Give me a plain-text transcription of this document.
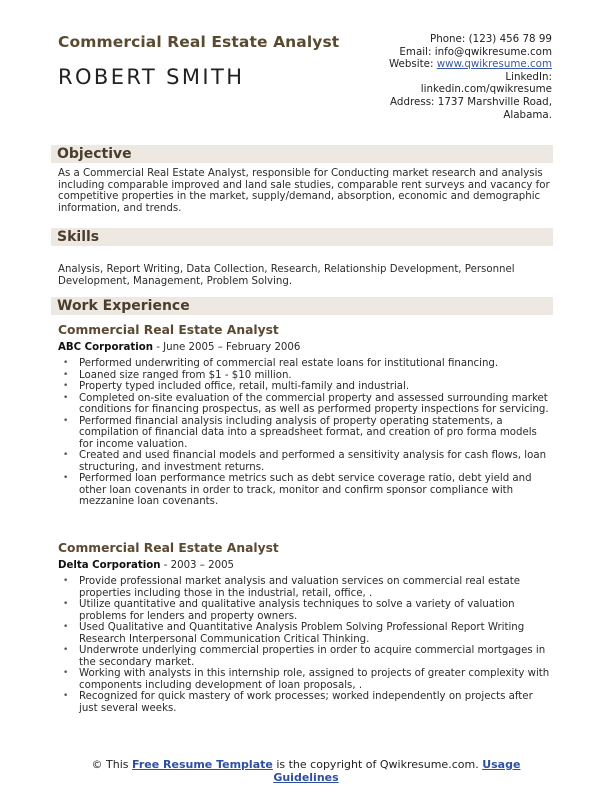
Commercial Real Estate Analyst
ROBERT SMITH
Phone: (123) 456 78 99
Email: info@qwikresume.com
Website: www.qwikresume.com
LinkedIn:
linkedin.com/qwikresume
Address: 1737 Marshville Road,
Alabama.
Objective
As a Commercial Real Estate Analyst, responsible for Conducting market research and analysis including comparable improved and land sale studies, comparable rent surveys and vacancy for competitive properties in the market, supply/demand, absorption, economic and demographic information, and trends.
Skills
Analysis, Report Writing, Data Collection, Research, Relationship Development, Personnel Development, Management, Problem Solving.
Work Experience
Commercial Real Estate Analyst
ABC Corporation - June 2005 – February 2006
• Performed underwriting of commercial real estate loans for institutional financing.
• Loaned size ranged from $1 - $10 million.
• Property typed included office, retail, multi-family and industrial.
• Completed on-site evaluation of the commercial property and assessed surrounding market conditions for financing prospectus, as well as performed property inspections for servicing.
• Performed financial analysis including analysis of property operating statements, a compilation of financial data into a spreadsheet format, and creation of pro forma models for income valuation.
• Created and used financial models and performed a sensitivity analysis for cash flows, loan structuring, and investment returns.
• Performed loan performance metrics such as debt service coverage ratio, debt yield and other loan covenants in order to track, monitor and confirm sponsor compliance with mezzanine loan covenants.
Commercial Real Estate Analyst
Delta Corporation - 2003 – 2005
• Provide professional market analysis and valuation services on commercial real estate properties including those in the industrial, retail, office, .
• Utilize quantitative and qualitative analysis techniques to solve a variety of valuation problems for lenders and property owners.
• Used Qualitative and Quantitative Analysis Problem Solving Professional Report Writing Research Interpersonal Communication Critical Thinking.
• Underwrote underlying commercial properties in order to acquire commercial mortgages in the secondary market.
• Working with analysts in this internship role, assigned to projects of greater complexity with components including development of loan proposals, .
• Recognized for quick mastery of work processes; worked independently on projects after just several weeks.
© This Free Resume Template is the copyright of Qwikresume.com. Usage Guidelines
